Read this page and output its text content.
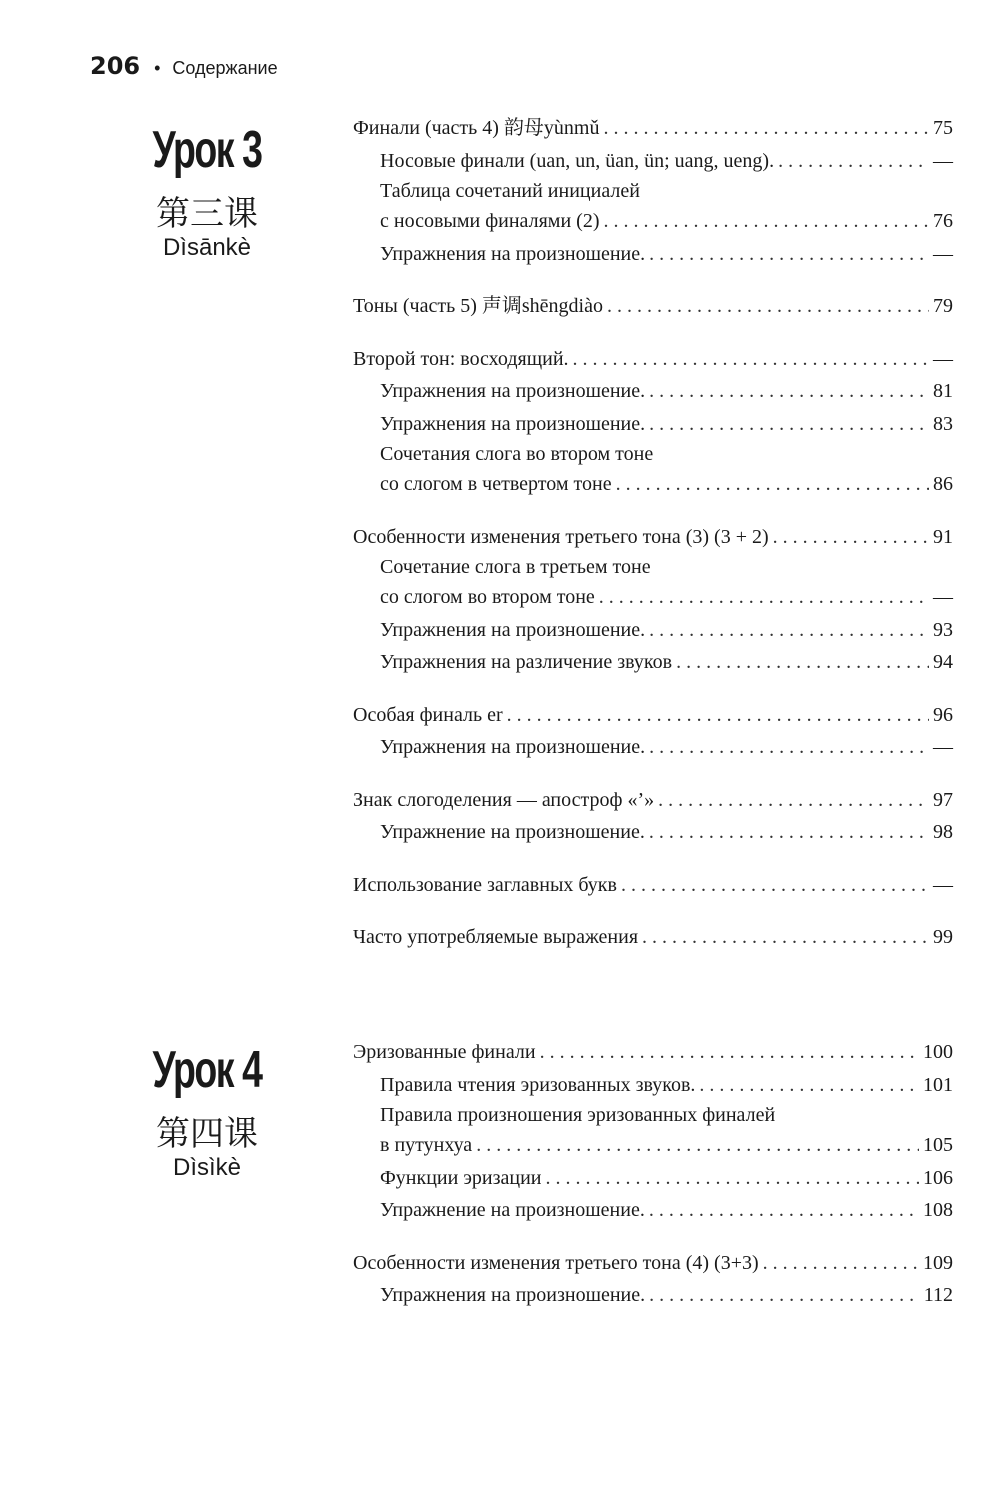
206 • Содержание
Урок 3
第三课
Dìsānkè
Финали (часть 4) 韵母yùnmǔ . . .	75
Носовые финали (uan, un, üan, ün; uang, ueng). . . .	—
Таблица сочетаний инициалей
с носовыми финалями (2) . . .	76
Упражнения на произношение. . . .	—
Тоны (часть 5) 声调shēngdiào . . .	79
Второй тон: восходящий. . . .	—
Упражнения на произношение. . . .	81
Упражнения на произношение. . . .	83
Сочетания слога во втором тоне
со слогом в четвертом тоне . . .	86
Особенности изменения третьего тона (3) (3 + 2) . . .	91
Сочетание слога в третьем тоне
со слогом во втором тоне . . .	—
Упражнения на произношение. . . .	93
Упражнения на различение звуков . . .	94
Особая финаль er . . .	96
Упражнения на произношение. . . .	—
Знак слогоделения — апостроф «’» . . .	97
Упражнение на произношение. . . .	98
Использование заглавных букв . . .	—
Часто употребляемые выражения . . .	99
Урок 4
第四课
Dìsìkè
Эризованные финали . . .	100
Правила чтения эризованных звуков. . . .	101
Правила произношения эризованных финалей
в путунхуа . . .	105
Функции эризации . . .	106
Упражнение на произношение. . . .	108
Особенности изменения третьего тона (4) (3+3) . . .	109
Упражнения на произношение. . . .	112
